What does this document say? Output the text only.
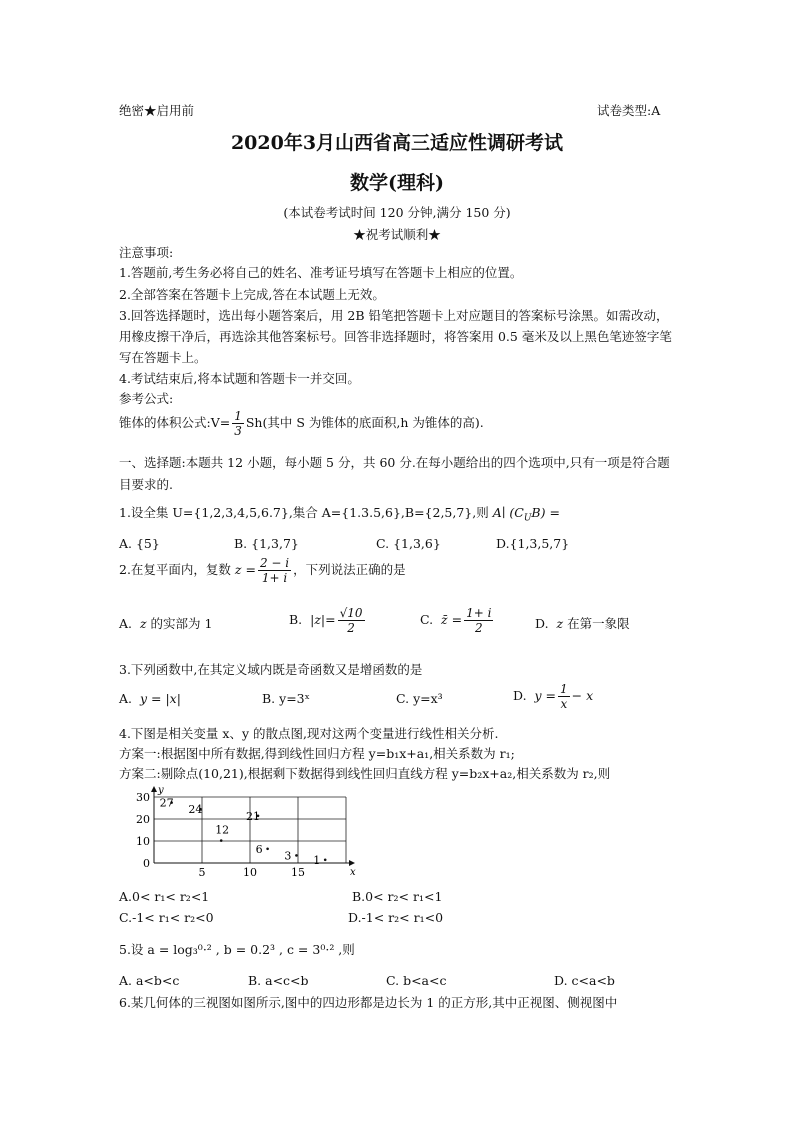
绝密★启用前	试卷类型:A
2020年3月山西省高三适应性调研考试
数学(理科)
(本试卷考试时间 120 分钟,满分 150 分)
★祝考试顺利★
注意事项:
1.答题前,考生务必将自己的姓名、准考证号填写在答题卡上相应的位置。
2.全部答案在答题卡上完成,答在本试题上无效。
3.回答选择题时，选出每小题答案后，用 2B 铅笔把答题卡上对应题目的答案标号涂黑。如需改动，用橡皮擦干净后，再选涂其他答案标号。回答非选择题时，将答案用 0.5 毫米及以上黑色笔迹签字笔写在答题卡上。
4.考试结束后,将本试题和答题卡一并交回。
参考公式:
锥体的体积公式:V= $\frac{1}{3} Sh$(其中 S 为锥体的底面积,h 为锥体的高).
一、选择题:本题共 12 小题，每小题 5 分，共 60 分.在每小题给出的四个选项中,只有一项是符合题目要求的.
1.设全集 U={1,2,3,4,5,6.7},集合 A={1.3.5,6},B={2,5,7},则 A∣ $(C_UB)$ =
A. {5}	B. {1,3,7}	C. {1,3,6}	D.{1,3,5,7}
2.在复平面内，复数 $z = \frac{2 - i}{1+ i}$ ，下列说法正确的是
A. z 的实部为 1	B. $|z|= \frac{√10}{2}$	C. z̄ = $\frac{1+ i}{2}$	D. z 在第一象限
3.下列函数中,在其定义域内既是奇函数又是增函数的是
A. y = |x|	B. y=3ˣ	C. y=x³	D. $y = \frac{1}{x} - x$
4.下图是相关变量 x、y 的散点图,现对这两个变量进行线性相关分析.
方案一:根据图中所有数据,得到线性回归方程 y=b₁x+a₁,相关系数为 r₁;
方案二:剔除点(10,21),根据剩下数据得到线性回归直线方程 y=b₂x+a₂,相关系数为 r₂,则
x
y
5	10	15
0
10
20
30 27
24
12
21
6
3 1
A.0< r₁< r₂<1	B.0< r₂< r₁<1
C.-1< r₁< r₂<0	D.-1< r₂< r₁<0
5.设 a = log₃⁰·² , b = 0.2³ , c = 3⁰·² ,则
A. a<b<c	B. a<c<b	C. b<a<c	D. c<a<b
6.某几何体的三视图如图所示,图中的四边形都是边长为 1 的正方形,其中正视图、侧视图中
